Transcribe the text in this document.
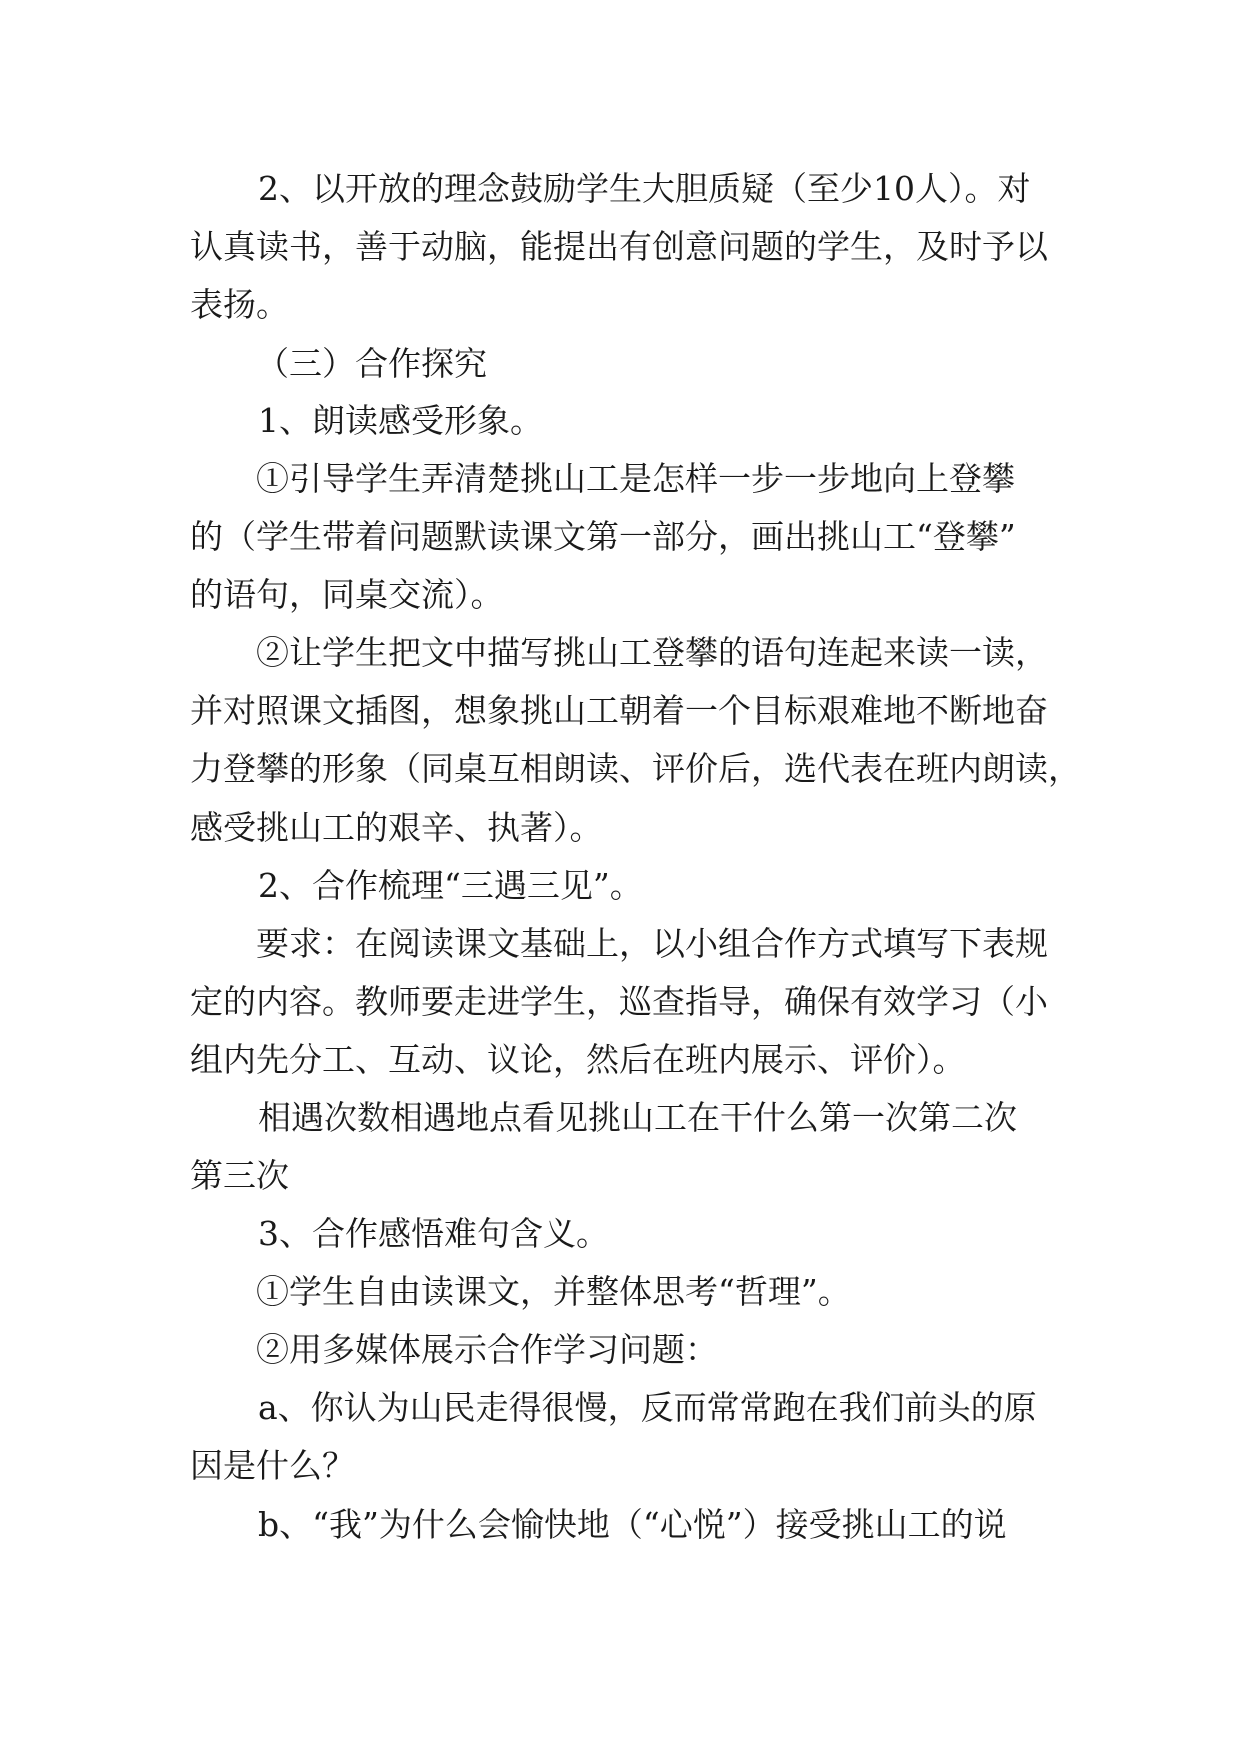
2、以开放的理念鼓励学生大胆质疑（至少10人）。对
认真读书，善于动脑，能提出有创意问题的学生，及时予以
表扬。
（三）合作探究
1、朗读感受形象。
①引导学生弄清楚挑山工是怎样一步一步地向上登攀
的（学生带着问题默读课文第一部分，画出挑山工“登攀”
的语句，同桌交流）。
②让学生把文中描写挑山工登攀的语句连起来读一读，
并对照课文插图，想象挑山工朝着一个目标艰难地不断地奋
力登攀的形象（同桌互相朗读、评价后，选代表在班内朗读，
感受挑山工的艰辛、执著）。
2、合作梳理“三遇三见”。
要求：在阅读课文基础上，以小组合作方式填写下表规
定的内容。教师要走进学生，巡查指导，确保有效学习（小
组内先分工、互动、议论，然后在班内展示、评价）。
相遇次数相遇地点看见挑山工在干什么第一次第二次
第三次
3、合作感悟难句含义。
①学生自由读课文，并整体思考“哲理”。
②用多媒体展示合作学习问题：
a、你认为山民走得很慢，反而常常跑在我们前头的原
因是什么？
b、“我”为什么会愉快地（“心悦”）接受挑山工的说
